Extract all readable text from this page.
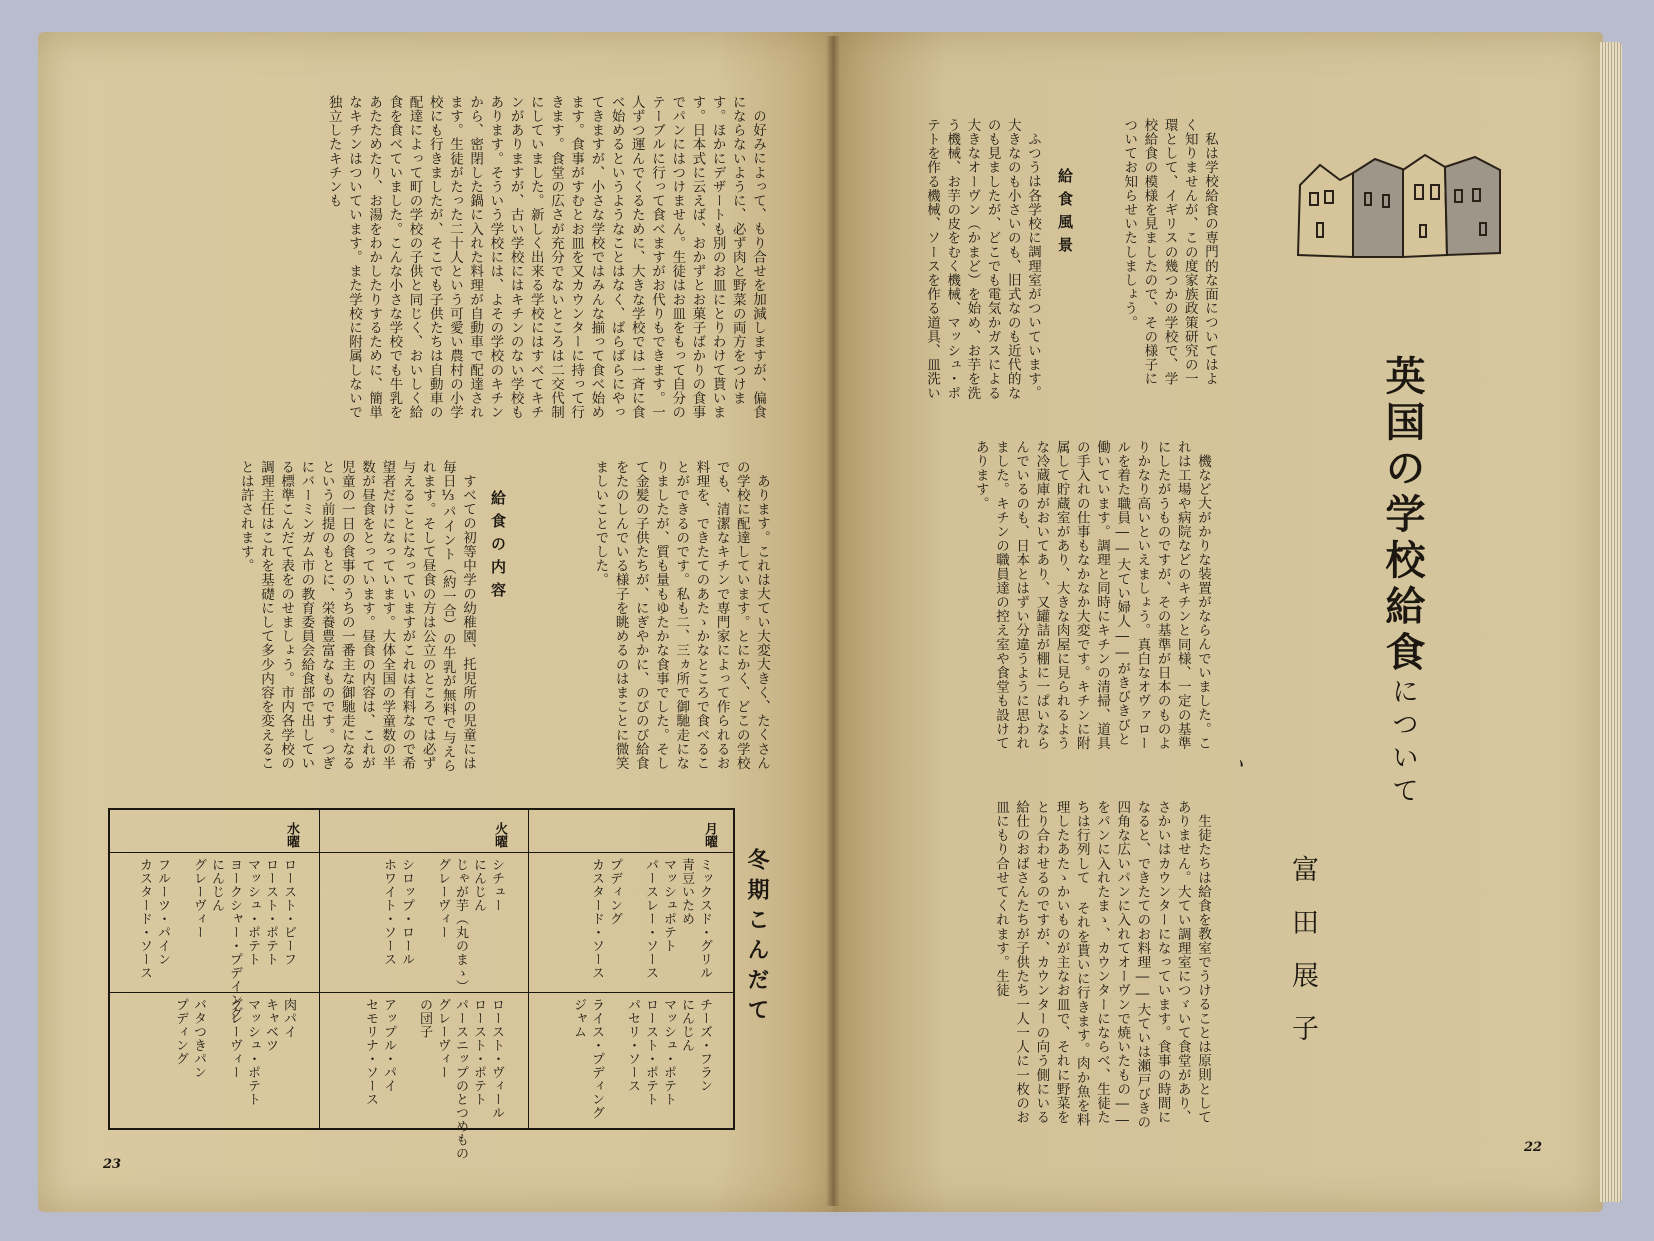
私は学校給食の専門的な面についてはよく知りませんが、この度家族政策研究の一環として、イギリスの幾つかの学校で、学校給食の模様を見ましたので、その様子についてお知らせいたしましょう。

給食風景

ふつうは各学校に調理室がついています。大きなのも小さいのも、旧式なのも近代的なのも見ましたが、どこでも電気かガスによる大きなオーヴン（かまど）を始め、お芋を洗う機械、お芋の皮をむく機械、マッシュ・ポテトを作る機械、ソースを作る道具、皿洗い

機など大がかりな装置がならんでいました。これは工場や病院などのキチンと同様、一定の基準にしたがうものですが、その基準が日本のものよりかなり高いといえましょう。真白なオヴァロールを着た職員――大てい婦人――がきびきびと働いています。調理と同時にキチンの清掃、道具の手入れの仕事もなかなか大変です。キチンに附属して貯蔵室があり、大きな肉屋に見られるような冷蔵庫がおいてあり、又罐詰が棚に一ぱいならんでいるのも、日本とはずい分違うように思われました。キチンの職員達の控え室や食堂も設けてあります。

生徒たちは給食を教室でうけることは原則としてありません。大てい調理室につゞいて食堂があり、さかいはカウンターになっています。食事の時間になると、できたてのお料理――大ていは瀬戸びきの四角な広いパンに入れてオーヴンで焼いたもの――をパンに入れたまゝ、カウンターにならべ、生徒たちは行列して それを貰いに行きます。肉か魚を料理したあたゝかいものが主なお皿で、それに野菜をとり合わせるのですが、カウンターの向う側にいる給仕のおばさんたちが子供たち一人一人に一枚のお皿にもり合せてくれます。生徒

英国の学校給食について
、
富田展子
22

の好みによって、もり合せを加減しますが、偏食にならないように、必ず肉と野菜の両方をつけます。ほかにデザートも別のお皿にとりわけて貰います。日本式に云えば、おかずとお菓子ばかりの食事でパンにはつけません。生徒はお皿をもって自分のテーブルに行って食べますがお代りもできます。一人ずつ運んでくるために、大きな学校では一斉に食べ始めるというようなことはなく、ばらばらにやってきますが、小さな学校ではみんな揃って食べ始めます。食事がすむとお皿を又カウンターに持って行きます。食堂の広さが充分でないところは二交代制にしていました。新しく出来る学校にはすべてキチンがありますが、古い学校にはキチンのない学校もあります。そういう学校には、よその学校のキチンから、密閉した鍋に入れた料理が自動車で配達されます。生徒がたった二十人という可愛い農村の小学校にも行きましたが、そこでも子供たちは自動車の配達によって町の学校の子供と同じく、おいしく給食を食べていました。こんな小さな学校でも牛乳をあたためたり、お湯をわかしたりするために、簡単なキチンはついています。また学校に附属しないで独立したキチンも

あります。これは大てい大変大きく、たくさんの学校に配達しています。とにかく、どこの学校でも、清潔なキチンで専門家によって作られるお料理を、できたてのあたゝかなところで食べることができるのです。私も二、三ヵ所で御馳走になりましたが、質も量もゆたかな食事でした。そして金髪の子供たちが、にぎやかに、のびのび給食をたのしんでいる様子を眺めるのはまことに微笑ましいことでした。

給食の内容

すべての初等中学の幼稚園、托児所の児童には毎日⅓パイント（約一合）の牛乳が無料で与えられます。そして昼食の方は公立のところでは必ず与えることになっていますがこれは有料なので希望者だけになっています。大体全国の学童数の半数が昼食をとっています。昼食の内容は、これが児童の一日の食事のうちの一番主な御馳走になるという前提のもとに、栄養豊富なものです。つぎにバーミンガム市の教育委員会給食部で出している標準こんだて表をのせましょう。市内各学校の調理主任はこれを基礎にして多少内容を変えることは許されます。

冬期こんだて
月曜
火曜
水曜
ミックスド・グリル
青豆いため
マッシュポテト
パースレー・ソース

プディング
カスタード・ソース
チーズ・フラン
にんじん
マッシュ・ポテト
ロースト・ポテト
パセリ・ソース

ライス・プディング
ジャム
シチュー
にんじん
じゃが芋（丸のまゝ）
グレーヴィー

シロップ・ロール
ホワイト・ソース
ロースト・ヴィール
ロースト・ポテト
パースニップのとつめもの
グレーヴィー
の団子

アップル・パイ
セモリナ・ソース
ロースト・ビーフ
ロースト・ポテト
マッシュ・ポテト
ヨークシャー・プデイング
にんじん
グレーヴィー

フルーツ・パイン
カスタード・ソース
肉パイ
キャベツ
マッシュ・ポテト
グレーヴィー

バタつきパン
プディング
23
